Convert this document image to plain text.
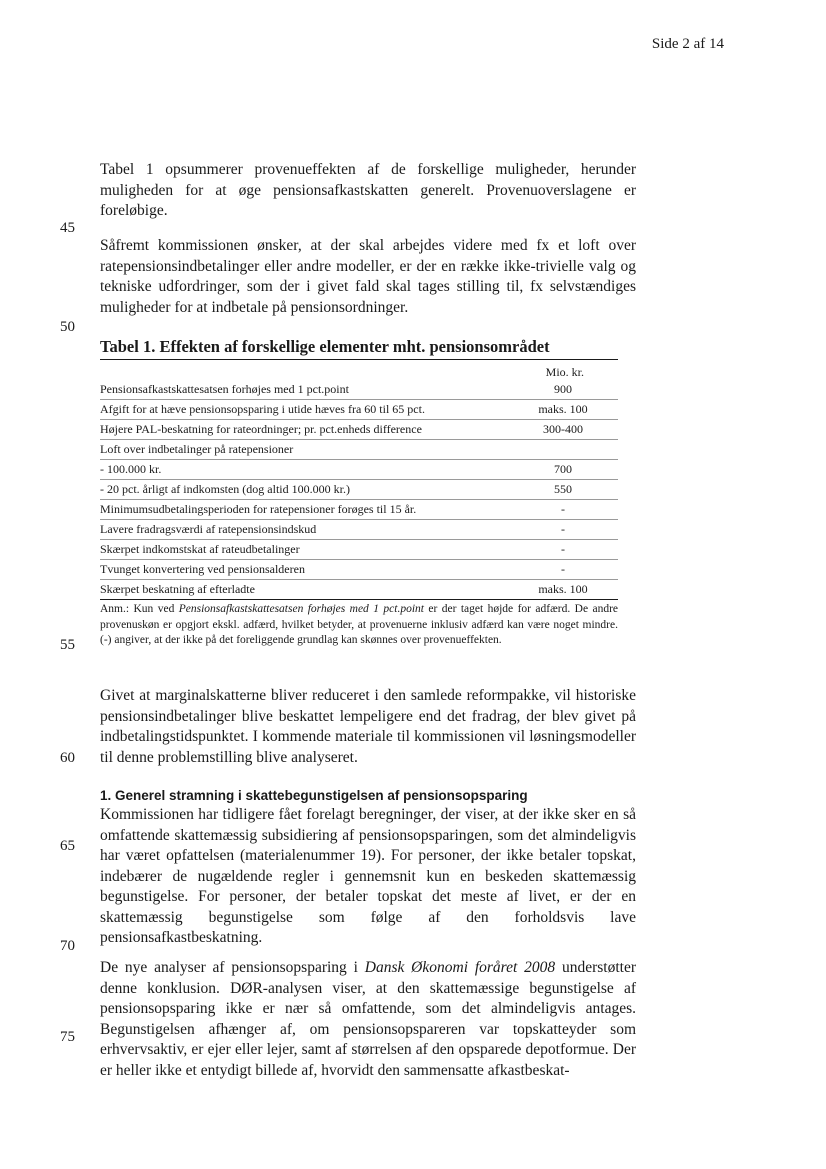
Side 2 af 14
45
50
55
60
65
70
75

Tabel 1 opsummerer provenueffekten af de forskellige muligheder, herunder muligheden for at øge pensionsafkastskatten generelt. Provenuoverslagene er foreløbige.

Såfremt kommissionen ønsker, at der skal arbejdes videre med fx et loft over ratepensionsindbetalinger eller andre modeller, er der en række ikke-trivielle valg og tekniske udfordringer, som der i givet fald skal tages stilling til, fx selvstændiges muligheder for at indbetale på pensionsordninger.

Tabel 1. Effekten af forskellige elementer mht. pensionsområdet

Mio. kr.
Pensionsafkastskattesatsen forhøjes med 1 pct.point	900
Afgift for at hæve pensionsopsparing i utide hæves fra 60 til 65 pct.	maks. 100
Højere PAL-beskatning for rateordninger; pr. pct.enheds difference	300-400
Loft over indbetalinger på ratepensioner
- 100.000 kr.	700
- 20 pct. årligt af indkomsten (dog altid 100.000 kr.)	550
Minimumsudbetalingsperioden for ratepensioner forøges til 15 år.	-
Lavere fradragsværdi af ratepensionsindskud	-
Skærpet indkomstskat af rateudbetalinger	-
Tvunget konvertering ved pensionsalderen	-
Skærpet beskatning af efterladte	maks. 100

Anm.: Kun ved Pensionsafkastskattesatsen forhøjes med 1 pct.point er der taget højde for adfærd. De andre provenuskøn er opgjort ekskl. adfærd, hvilket betyder, at provenuerne inklusiv adfærd kan være noget mindre. (-) angiver, at der ikke på det foreliggende grundlag kan skønnes over provenueffekten.

Givet at marginalskatterne bliver reduceret i den samlede reformpakke, vil historiske pensionsindbetalinger blive beskattet lempeligere end det fradrag, der blev givet på indbetalingstidspunktet. I kommende materiale til kommissionen vil løsningsmodeller til denne problemstilling blive analyseret.

1. Generel stramning i skattebegunstigelsen af pensionsopsparing

Kommissionen har tidligere fået forelagt beregninger, der viser, at der ikke sker en så omfattende skattemæssig subsidiering af pensionsopsparingen, som det almindeligvis har været opfattelsen (materialenummer 19). For personer, der ikke betaler topskat, indebærer de nugældende regler i gennemsnit kun en beskeden skattemæssig begunstigelse. For personer, der betaler topskat det meste af livet, er der en skattemæssig begunstigelse som følge af den forholdsvis lave pensionsafkastbeskatning.

De nye analyser af pensionsopsparing i Dansk Økonomi foråret 2008 understøtter denne konklusion. DØR-analysen viser, at den skattemæssige begunstigelse af pensionsopsparing ikke er nær så omfattende, som det almindeligvis antages. Begunstigelsen afhænger af, om pensionsopspareren var topskatteyder som erhvervsaktiv, er ejer eller lejer, samt af størrelsen af den opsparede depotformue. Der er heller ikke et entydigt billede af, hvorvidt den sammensatte afkastbeskat-
